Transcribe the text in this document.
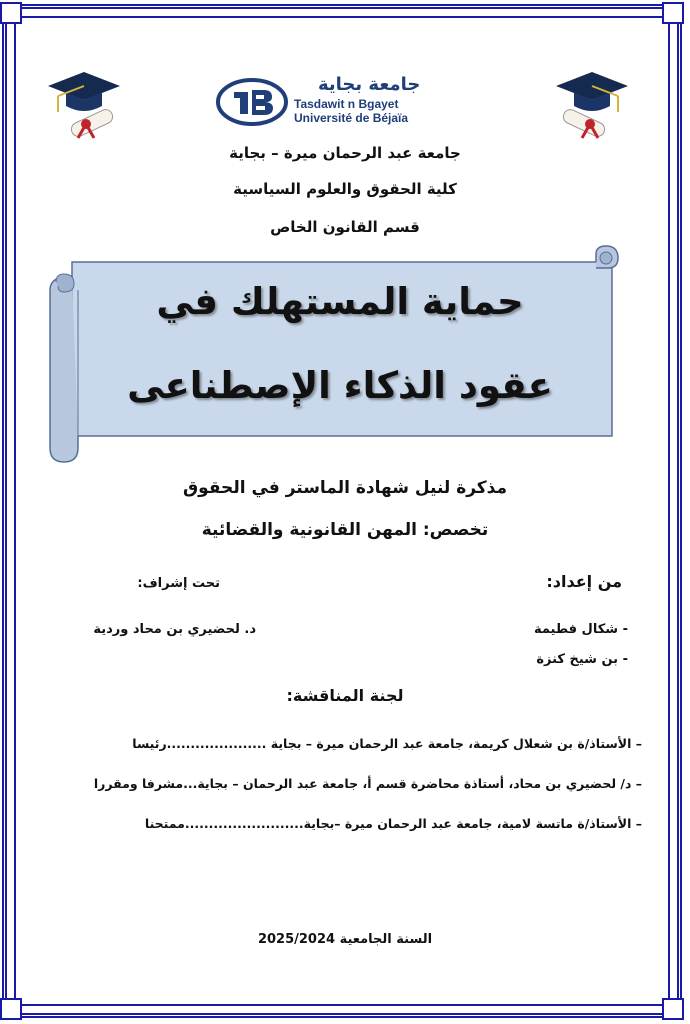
جامعة بجاية
Tasdawit n Bgayet
Université de Béjaïa
جامعة عبد الرحمان ميرة – بجاية
كلية الحقوق والعلوم السياسية
قسم القانون الخاص
حماية المستهلك في
عقود الذكاء الإصطناعى
مذكرة لنيل شهادة الماستر في الحقوق
تخصص: المهن القانونية والقضائية
من إعداد:
تحت إشراف:
- شكال فطيمة
د. لحضيري بن محاد وردية
- بن شيخ كنزة
لجنة المناقشة:
– الأستاذ/ة بن شعلال كريمة، جامعة عبد الرحمان ميرة – بجاية .....................رئيسا
– د/ لحضيري بن محاد، أستاذة محاضرة قسم أ، جامعة عبد الرحمان – بجاية...مشرفا ومقررا
– الأستاذ/ة ماتسة لامية، جامعة عبد الرحمان ميرة –بجاية.........................ممتحنا
السنة الجامعية 2025/2024
